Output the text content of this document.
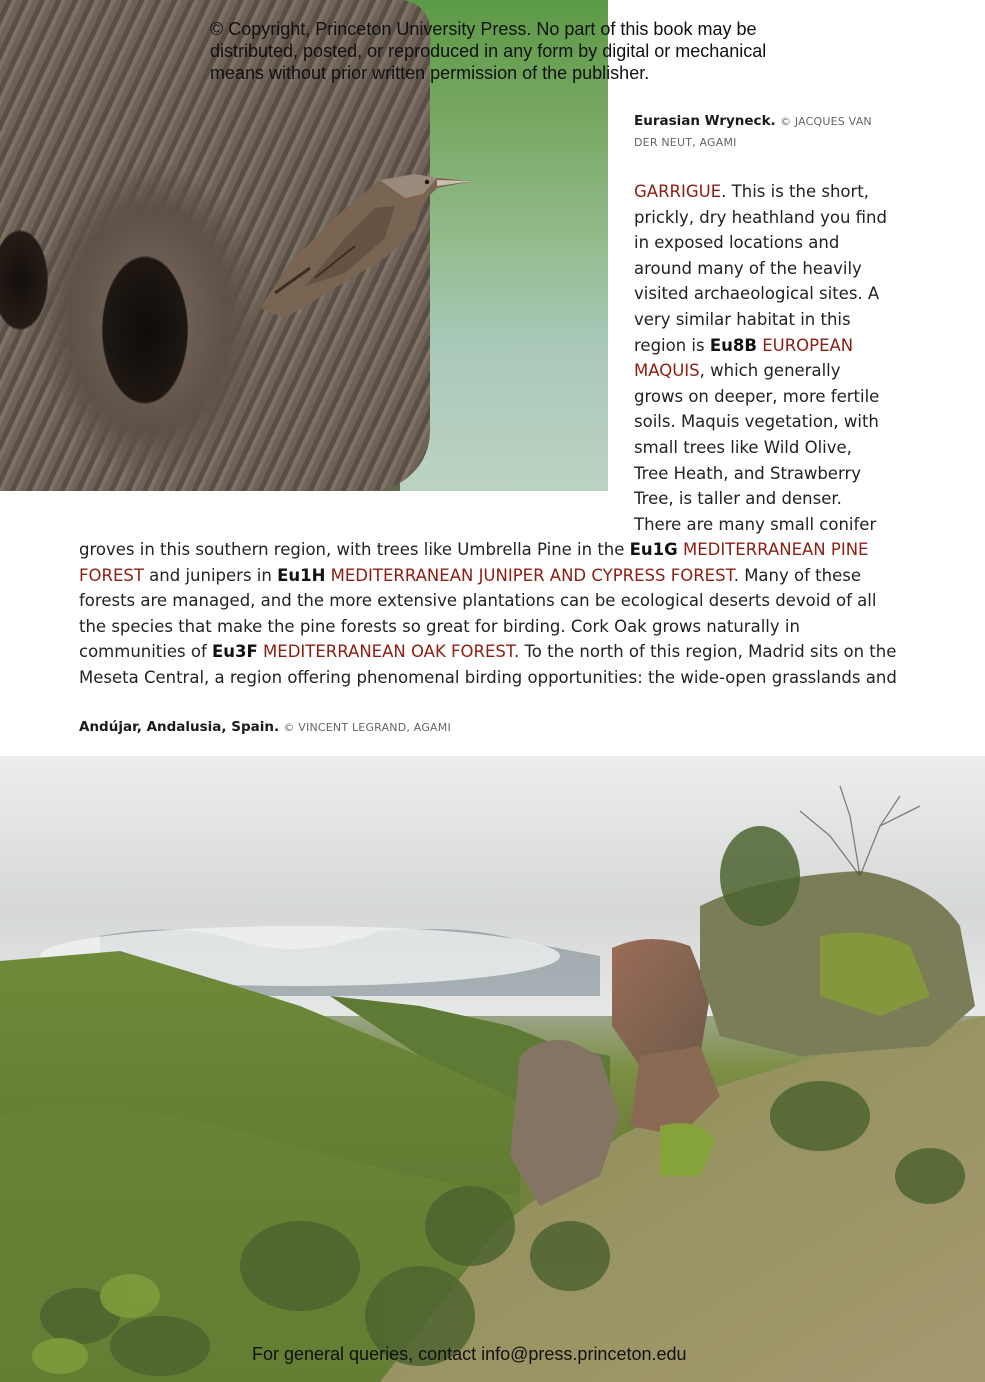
© Copyright, Princeton University Press. No part of this book may be
distributed, posted, or reproduced in any form by digital or mechanical
means without prior written permission of the publisher.
Eurasian Wryneck. © JACQUES VAN DER NEUT, AGAMI

GARRIGUE. This is the short, prickly, dry heathland you find in exposed locations and around many of the heavily visited archaeological sites. A very similar habitat in this region is Eu8B EUROPEAN MAQUIS, which generally grows on deeper, more fertile soils. Maquis vegetation, with small trees like Wild Olive, Tree Heath, and Strawberry Tree, is taller and denser. There are many small conifer

groves in this southern region, with trees like Umbrella Pine in the Eu1G MEDITERRANEAN PINE FOREST and junipers in Eu1H MEDITERRANEAN JUNIPER AND CYPRESS FOREST. Many of these forests are managed, and the more extensive plantations can be ecological deserts devoid of all the species that make the pine forests so great for birding. Cork Oak grows naturally in communities of Eu3F MEDITERRANEAN OAK FOREST. To the north of this region, Madrid sits on the Meseta Central, a region offering phenomenal birding opportunities: the wide-open grasslands and

Andújar, Andalusia, Spain. © VINCENT LEGRAND, AGAMI
For general queries, contact info@press.princeton.edu
